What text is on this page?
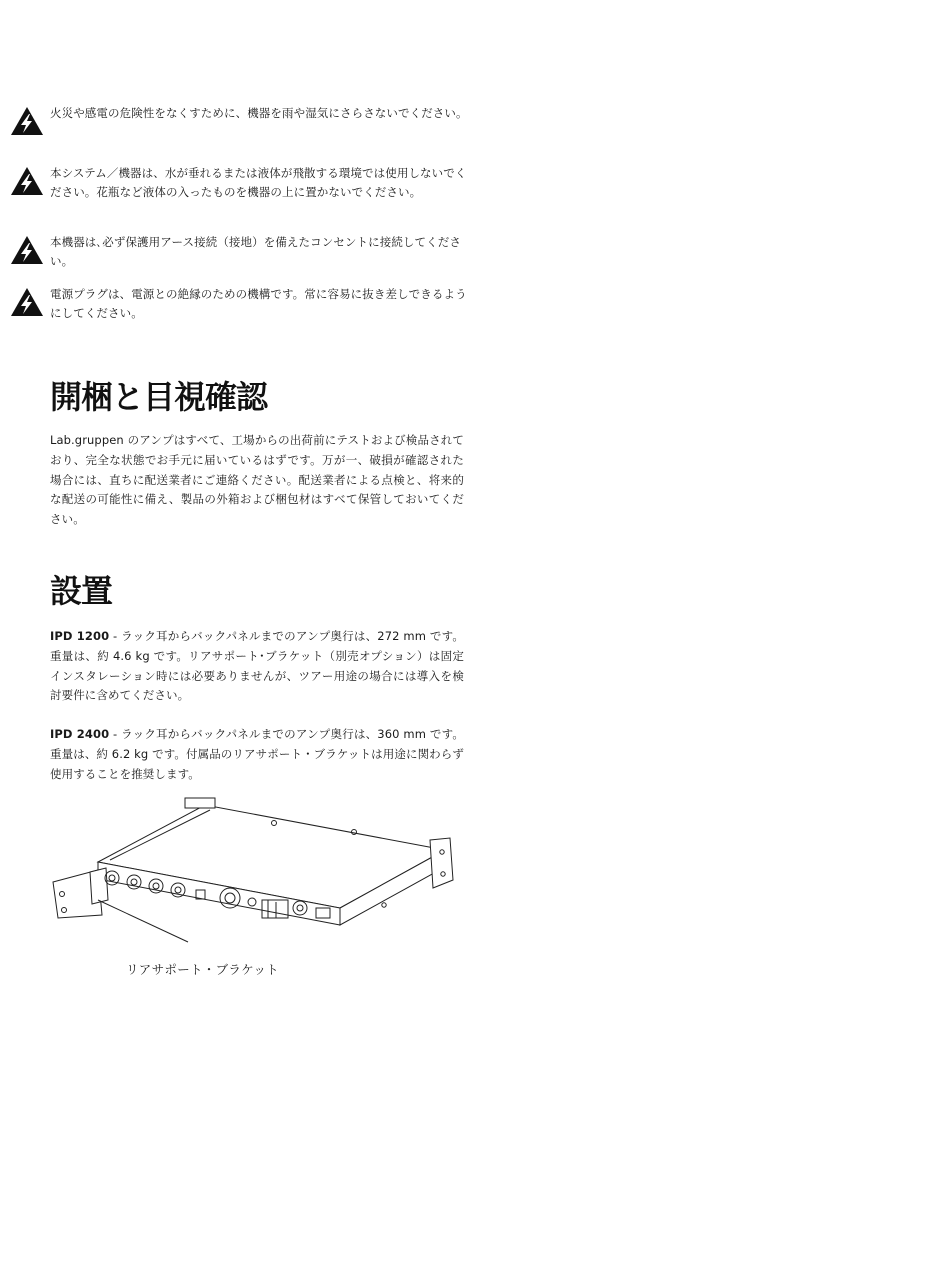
火災や感電の危険性をなくすために、機器を雨や湿気にさらさないでください。
本システム／機器は、水が垂れるまたは液体が飛散する環境では使用しないでください。花瓶など液体の入ったものを機器の上に置かないでください。
本機器は､必ず保護用アース接続（接地）を備えたコンセントに接続してください。
電源プラグは、電源との絶縁のための機構です。常に容易に抜き差しできるようにしてください。
開梱と目視確認

Lab.gruppen のアンプはすべて、工場からの出荷前にテストおよび検品されており、完全な状態でお手元に届いているはずです。万が一、破損が確認された場合には、直ちに配送業者にご連絡ください。配送業者による点検と、将来的な配送の可能性に備え、製品の外箱および梱包材はすべて保管しておいてください。

設置

IPD 1200 - ラック耳からバックパネルまでのアンプ奥行は、272 mm です。重量は、約 4.6 kg です。リアサポート･ブラケット（別売オプション）は固定インスタレーション時には必要ありませんが、ツアー用途の場合には導入を検討要件に含めてください。

IPD 2400 - ラック耳からバックパネルまでのアンプ奥行は、360 mm です。重量は、約 6.2 kg です。付属品のリアサポート・ブラケットは用途に関わらず使用することを推奨します。

リアサポート・ブラケット
